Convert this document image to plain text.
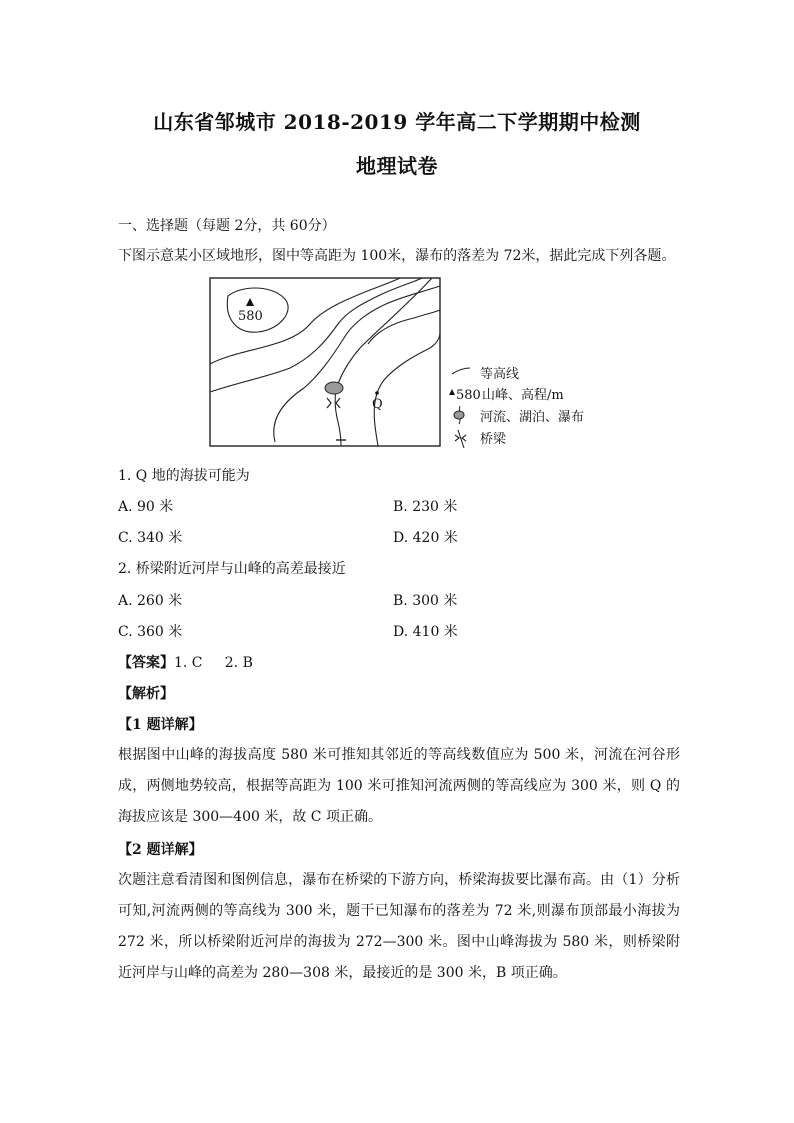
山东省邹城市 2018-2019 学年高二下学期期中检测
地理试卷
一、选择题（每题 2分，共 60分）
下图示意某小区域地形，图中等高距为 100米，瀑布的落差为 72米，据此完成下列各题。
580
Q
等高线
580 山峰、高程/m
河流、湖泊、瀑布
桥梁
1. Q 地的海拔可能为
A. 90 米	B. 230 米
C. 340 米	D. 420 米
2. 桥梁附近河岸与山峰的高差最接近
A. 260 米	B. 300 米
C. 360 米	D. 410 米
【答案】1. C     2. B
【解析】
【1 题详解】
根据图中山峰的海拔高度 580 米可推知其邻近的等高线数值应为 500 米，河流在河谷形成，两侧地势较高，根据等高距为 100 米可推知河流两侧的等高线应为 300 米，则 Q 的海拔应该是 300—400 米，故 C 项正确。
【2 题详解】
次题注意看清图和图例信息，瀑布在桥梁的下游方向，桥梁海拔要比瀑布高。由（1）分析可知,河流两侧的等高线为 300 米，题干已知瀑布的落差为 72 米,则瀑布顶部最小海拔为 272 米，所以桥梁附近河岸的海拔为 272—300 米。图中山峰海拔为 580 米，则桥梁附近河岸与山峰的高差为 280—308 米，最接近的是 300 米，B 项正确。
